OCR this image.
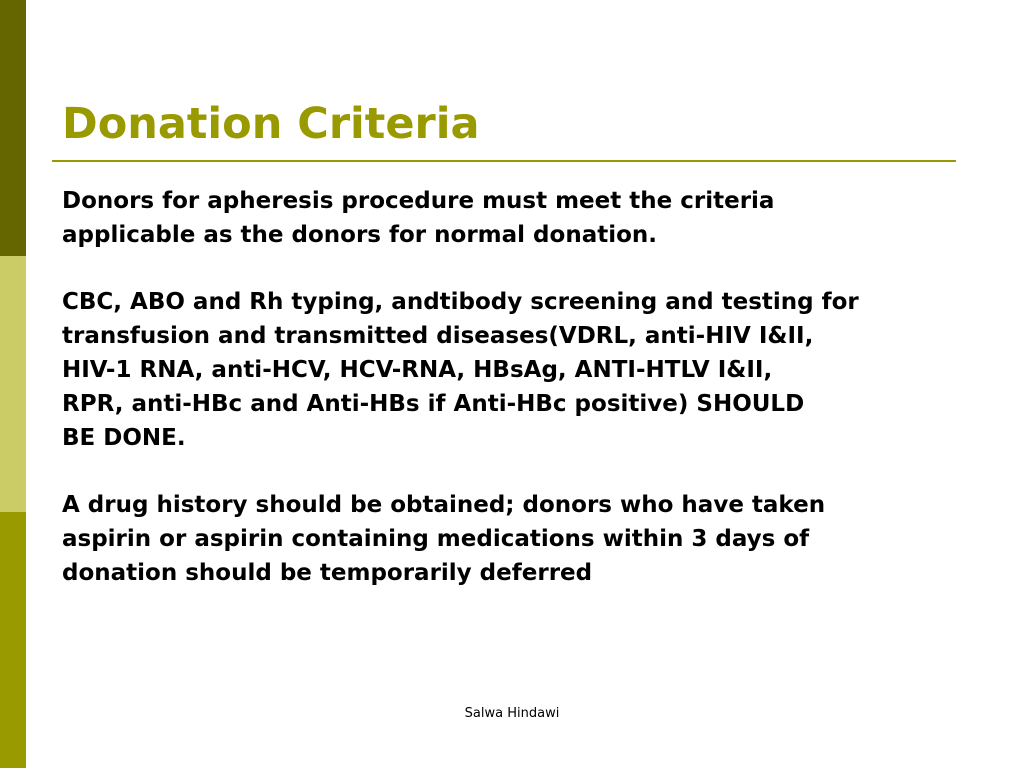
Donation Criteria

Donors for apheresis procedure must meet the criteria
applicable as the donors for normal donation.

CBC, ABO and Rh typing, andtibody screening and testing for
transfusion and transmitted diseases(VDRL, anti-HIV I&II,
HIV-1 RNA, anti-HCV, HCV-RNA, HBsAg, ANTI-HTLV I&II,
RPR, anti-HBc and Anti-HBs if Anti-HBc positive) SHOULD
BE DONE.

A drug history should be obtained; donors who have taken
aspirin or aspirin containing medications within 3 days of
donation should be temporarily deferred

Salwa Hindawi
